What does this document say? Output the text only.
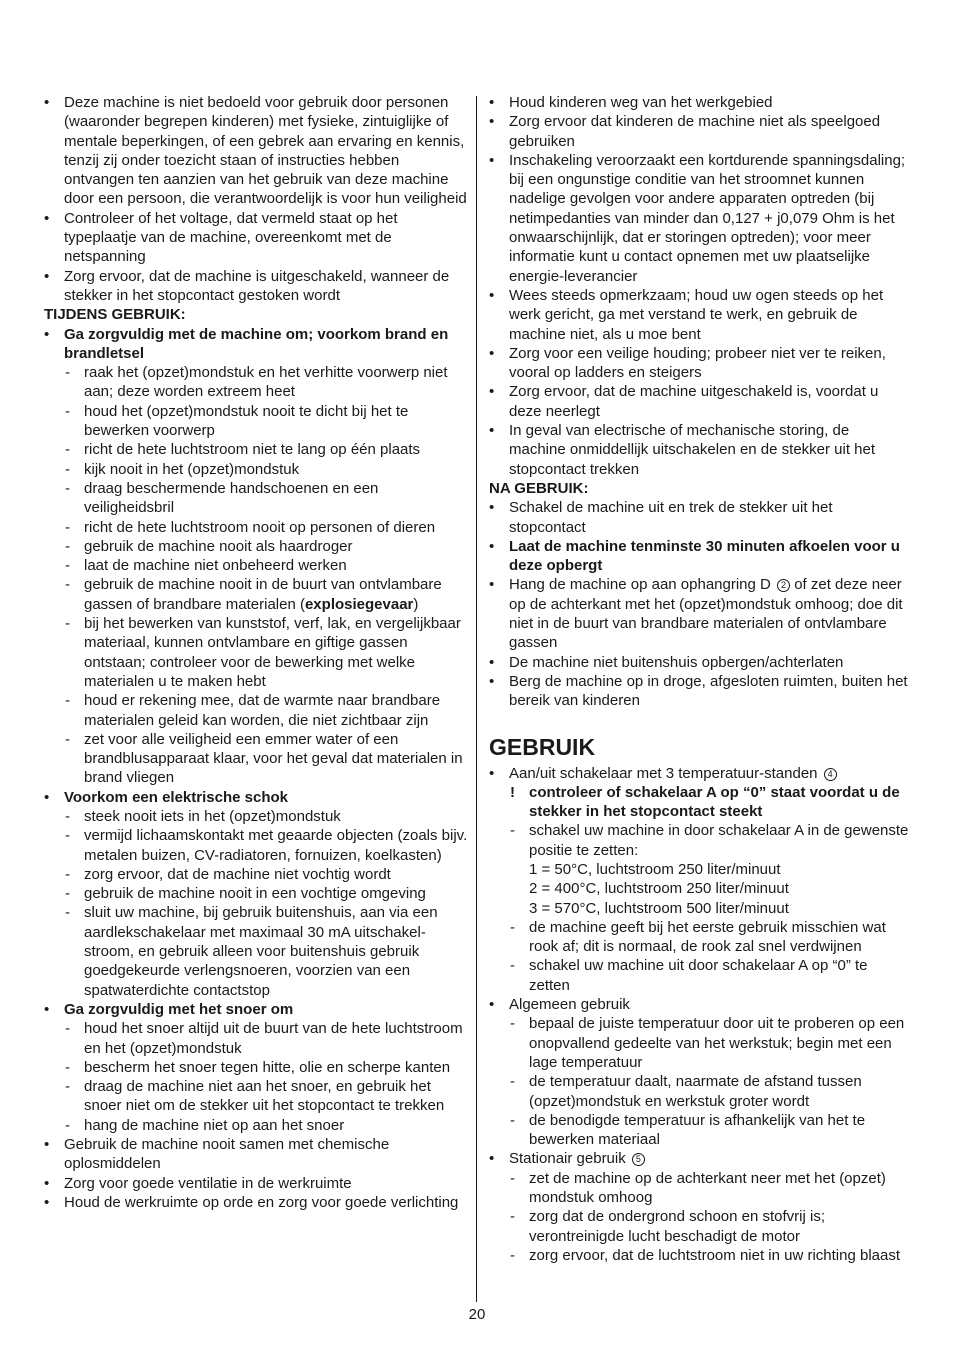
• Deze machine is niet bedoeld voor gebruik door personen (waaronder begrepen kinderen) met fysieke, zintuiglijke of mentale beperkingen, of een gebrek aan ervaring en kennis, tenzij zij onder toezicht staan of instructies hebben ontvangen ten aanzien van het gebruik van deze machine door een persoon, die verantwoordelijk is voor hun veiligheid
• Controleer of het voltage, dat vermeld staat op het typeplaatje van de machine, overeenkomt met de netspanning
• Zorg ervoor, dat de machine is uitgeschakeld, wanneer de stekker in het stopcontact gestoken wordt
TIJDENS GEBRUIK:
• Ga zorgvuldig met de machine om; voorkom brand en brandletsel
- raak het (opzet)mondstuk en het verhitte voorwerp niet aan; deze worden extreem heet
- houd het (opzet)mondstuk nooit te dicht bij het te bewerken voorwerp
- richt de hete luchtstroom niet te lang op één plaats
- kijk nooit in het (opzet)mondstuk
- draag beschermende handschoenen en een veiligheidsbril
- richt de hete luchtstroom nooit op personen of dieren
- gebruik de machine nooit als haardroger
- laat de machine niet onbeheerd werken
- gebruik de machine nooit in de buurt van ontvlambare gassen of brandbare materialen (explosiegevaar)
- bij het bewerken van kunststof, verf, lak, en vergelijkbaar materiaal, kunnen ontvlambare en giftige gassen ontstaan; controleer voor de bewerking met welke materialen u te maken hebt
- houd er rekening mee, dat de warmte naar brandbare materialen geleid kan worden, die niet zichtbaar zijn
- zet voor alle veiligheid een emmer water of een brandblusapparaat klaar, voor het geval dat materialen in brand vliegen
• Voorkom een elektrische schok
- steek nooit iets in het (opzet)mondstuk
- vermijd lichaamskontakt met geaarde objecten (zoals bijv. metalen buizen, CV-radiatoren, fornuizen, koelkasten)
- zorg ervoor, dat de machine niet vochtig wordt
- gebruik de machine nooit in een vochtige omgeving
- sluit uw machine, bij gebruik buitenshuis, aan via een aardlekschakelaar met maximaal 30 mA uitschakel-stroom, en gebruik alleen voor buitenshuis gebruik goedgekeurde verlengsnoeren, voorzien van een spatwaterdichte contactstop
• Ga zorgvuldig met het snoer om
- houd het snoer altijd uit de buurt van de hete luchtstroom en het (opzet)mondstuk
- bescherm het snoer tegen hitte, olie en scherpe kanten
- draag de machine niet aan het snoer, en gebruik het snoer niet om de stekker uit het stopcontact te trekken
- hang de machine niet op aan het snoer
• Gebruik de machine nooit samen met chemische oplosmiddelen
• Zorg voor goede ventilatie in de werkruimte
• Houd de werkruimte op orde en zorg voor goede verlichting
• Houd kinderen weg van het werkgebied
• Zorg ervoor dat kinderen de machine niet als speelgoed gebruiken
• Inschakeling veroorzaakt een kortdurende spanningsdaling; bij een ongunstige conditie van het stroomnet kunnen nadelige gevolgen voor andere apparaten optreden (bij netimpedanties van minder dan 0,127 + j0,079 Ohm is het onwaarschijnlijk, dat er storingen optreden); voor meer informatie kunt u contact opnemen met uw plaatselijke energie-leverancier
• Wees steeds opmerkzaam; houd uw ogen steeds op het werk gericht, ga met verstand te werk, en gebruik de machine niet, als u moe bent
• Zorg voor een veilige houding; probeer niet ver te reiken, vooral op ladders en steigers
• Zorg ervoor, dat de machine uitgeschakeld is, voordat u deze neerlegt
• In geval van electrische of mechanische storing, de machine onmiddellijk uitschakelen en de stekker uit het stopcontact trekken
NA GEBRUIK:
• Schakel de machine uit en trek de stekker uit het stopcontact
• Laat de machine tenminste 30 minuten afkoelen voor u deze opbergt
• Hang de machine op aan ophangring D 2 of zet deze neer op de achterkant met het (opzet)mondstuk omhoog; doe dit niet in de buurt van brandbare materialen of ontvlambare gassen
• De machine niet buitenshuis opbergen/achterlaten
• Berg de machine op in droge, afgesloten ruimten, buiten het bereik van kinderen
GEBRUIK
• Aan/uit schakelaar met 3 temperatuur-standen 4
! controleer of schakelaar A op “0” staat voordat u de stekker in het stopcontact steekt
- schakel uw machine in door schakelaar A in de gewenste positie te zetten:
1 = 50°C, luchtstroom 250 liter/minuut
2 = 400°C, luchtstroom 250 liter/minuut
3 = 570°C, luchtstroom 500 liter/minuut
- de machine geeft bij het eerste gebruik misschien wat rook af; dit is normaal, de rook zal snel verdwijnen
- schakel uw machine uit door schakelaar A op “0” te zetten
• Algemeen gebruik
- bepaal de juiste temperatuur door uit te proberen op een onopvallend gedeelte van het werkstuk; begin met een lage temperatuur
- de temperatuur daalt, naarmate de afstand tussen (opzet)mondstuk en werkstuk groter wordt
- de benodigde temperatuur is afhankelijk van het te bewerken materiaal
• Stationair gebruik 5
- zet de machine op de achterkant neer met het (opzet) mondstuk omhoog
- zorg dat de ondergrond schoon en stofvrij is; verontreinigde lucht beschadigt de motor
- zorg ervoor, dat de luchtstroom niet in uw richting blaast
20
